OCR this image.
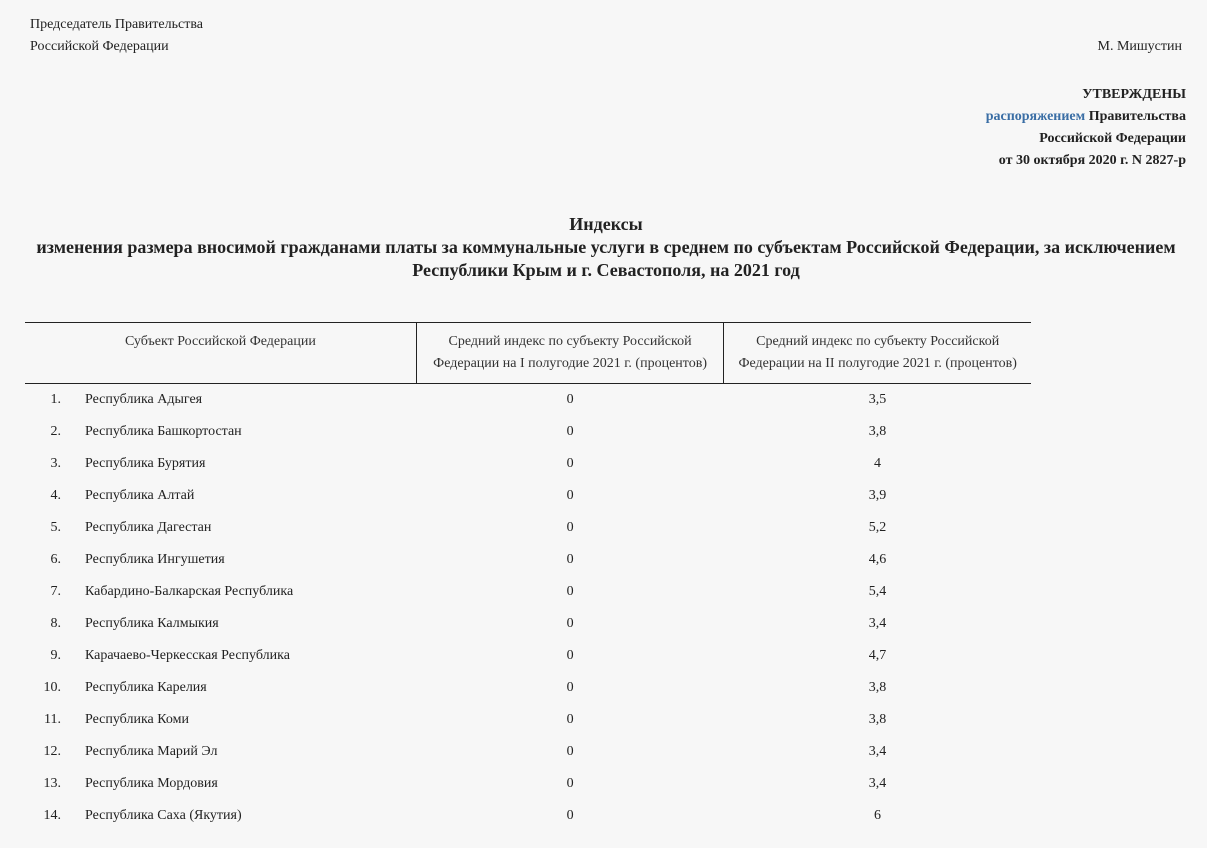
Председатель Правительства
Российской Федерации	М. Мишустин
УТВЕРЖДЕНЫ
распоряжением Правительства
Российской Федерации
от 30 октября 2020 г. N 2827-р
Индексы
изменения размера вносимой гражданами платы за коммунальные услуги в среднем по субъектам Российской Федерации, за исключением Республики Крым и г. Севастополя, на 2021 год
Субъект Российской Федерации	Средний индекс по субъекту Российской Федерации на I полугодие 2021 г. (процентов)	Средний индекс по субъекту Российской Федерации на II полугодие 2021 г. (процентов)
1. Республика Адыгея	0	3,5
2. Республика Башкортостан	0	3,8
3. Республика Бурятия	0	4
4. Республика Алтай	0	3,9
5. Республика Дагестан	0	5,2
6. Республика Ингушетия	0	4,6
7. Кабардино-Балкарская Республика	0	5,4
8. Республика Калмыкия	0	3,4
9. Карачаево-Черкесская Республика	0	4,7
10. Республика Карелия	0	3,8
11. Республика Коми	0	3,8
12. Республика Марий Эл	0	3,4
13. Республика Мордовия	0	3,4
14. Республика Саха (Якутия)	0	6
